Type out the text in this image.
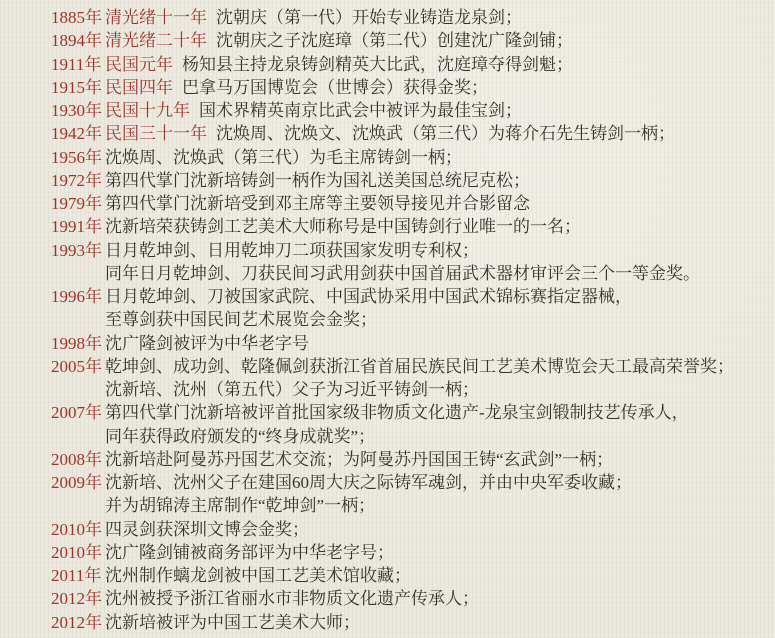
1885年 清光绪十一年 沈朝庆（第一代）开始专业铸造龙泉剑；
1894年 清光绪二十年 沈朝庆之子沈庭璋（第二代）创建沈广隆剑铺；
1911年 民国元年 杨知县主持龙泉铸剑精英大比武，沈庭璋夺得剑魁；
1915年 民国四年 巴拿马万国博览会（世博会）获得金奖；
1930年 民国十九年 国术界精英南京比武会中被评为最佳宝剑；
1942年 民国三十一年 沈焕周、沈焕文、沈焕武（第三代）为蒋介石先生铸剑一柄；
1956年 沈焕周、沈焕武（第三代）为毛主席铸剑一柄；
1972年 第四代掌门沈新培铸剑一柄作为国礼送美国总统尼克松；
1979年 第四代掌门沈新培受到邓主席等主要领导接见并合影留念
1991年 沈新培荣获铸剑工艺美术大师称号是中国铸剑行业唯一的一名；
1993年 日月乾坤剑、日用乾坤刀二项获国家发明专利权；
同年日月乾坤剑、刀获民间习武用剑获中国首届武术器材审评会三个一等金奖。
1996年 日月乾坤剑、刀被国家武院、中国武协采用中国武术锦标赛指定器械，
至尊剑获中国民间艺术展览会金奖；
1998年 沈广隆剑被评为中华老字号
2005年 乾坤剑、成功剑、乾隆佩剑获浙江省首届民族民间工艺美术博览会天工最高荣誉奖；
沈新培、沈州（第五代）父子为习近平铸剑一柄；
2007年 第四代掌门沈新培被评首批国家级非物质文化遗产-龙泉宝剑锻制技艺传承人，
同年获得政府颁发的“终身成就奖”；
2008年 沈新培赴阿曼苏丹国艺术交流；为阿曼苏丹国国王铸“玄武剑”一柄；
2009年 沈新培、沈州父子在建国60周大庆之际铸军魂剑，并由中央军委收藏；
并为胡锦涛主席制作“乾坤剑”一柄；
2010年 四灵剑获深圳文博会金奖；
2010年 沈广隆剑铺被商务部评为中华老字号；
2011年 沈州制作螭龙剑被中国工艺美术馆收藏；
2012年 沈州被授予浙江省丽水市非物质文化遗产传承人；
2012年 沈新培被评为中国工艺美术大师；
